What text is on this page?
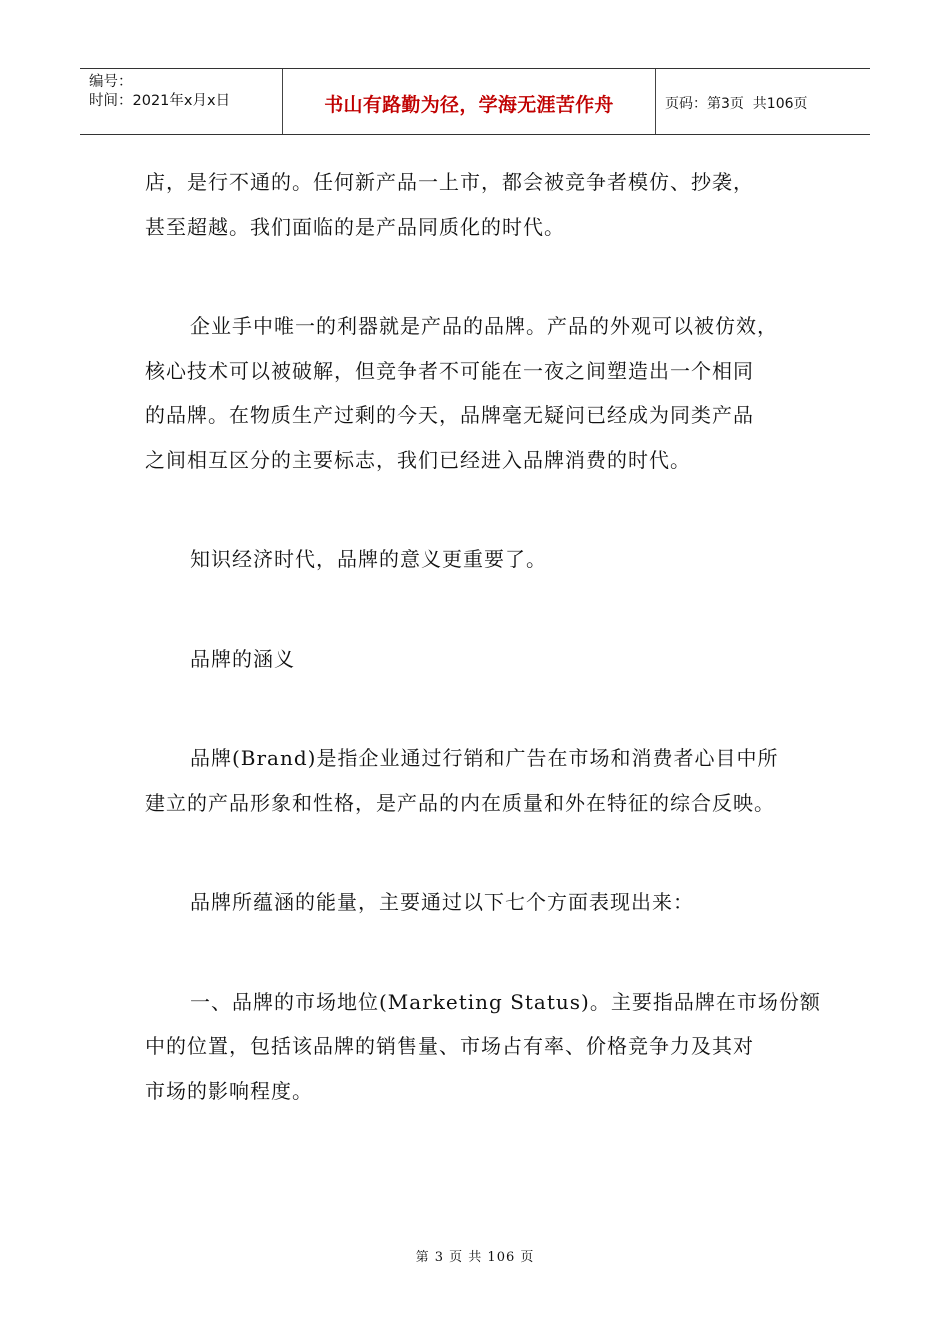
编号：
时间：2021年x月x日	书山有路勤为径，学海无涯苦作舟	页码：第3页  共106页
店，是行不通的。任何新产品一上市，都会被竞争者模仿、抄袭，
甚至超越。我们面临的是产品同质化的时代。
企业手中唯一的利器就是产品的品牌。产品的外观可以被仿效，
核心技术可以被破解，但竞争者不可能在一夜之间塑造出一个相同
的品牌。在物质生产过剩的今天，品牌毫无疑问已经成为同类产品
之间相互区分的主要标志，我们已经进入品牌消费的时代。
知识经济时代，品牌的意义更重要了。
品牌的涵义
品牌(Brand)是指企业通过行销和广告在市场和消费者心目中所
建立的产品形象和性格，是产品的内在质量和外在特征的综合反映。
品牌所蕴涵的能量，主要通过以下七个方面表现出来：
一、品牌的市场地位(Marketing Status)。主要指品牌在市场份额
中的位置，包括该品牌的销售量、市场占有率、价格竞争力及其对
市场的影响程度。
第 3 页 共 106 页
